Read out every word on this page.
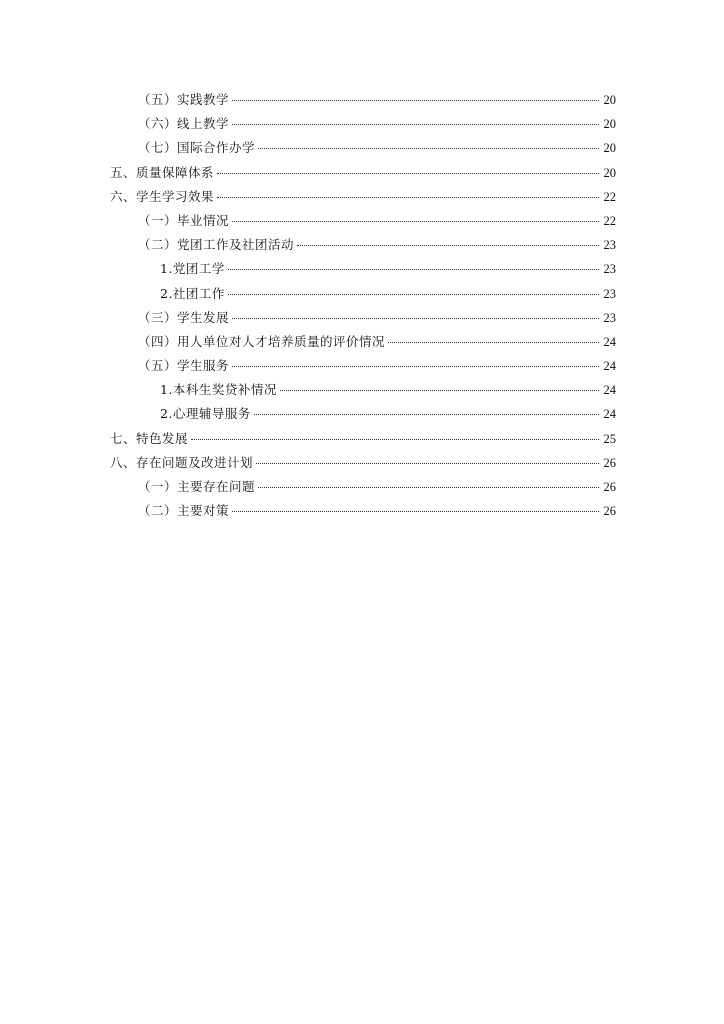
（五）实践教学	20
（六）线上教学	20
（七）国际合作办学	20
五、质量保障体系	20
六、学生学习效果	22
（一）毕业情况	22
（二）党团工作及社团活动	23
1.党团工学	23
2.社团工作	23
（三）学生发展	23
（四）用人单位对人才培养质量的评价情况	24
（五）学生服务	24
1.本科生奖贷补情况	24
2.心理辅导服务	24
七、特色发展	25
八、存在问题及改进计划	26
（一）主要存在问题	26
（二）主要对策	26
